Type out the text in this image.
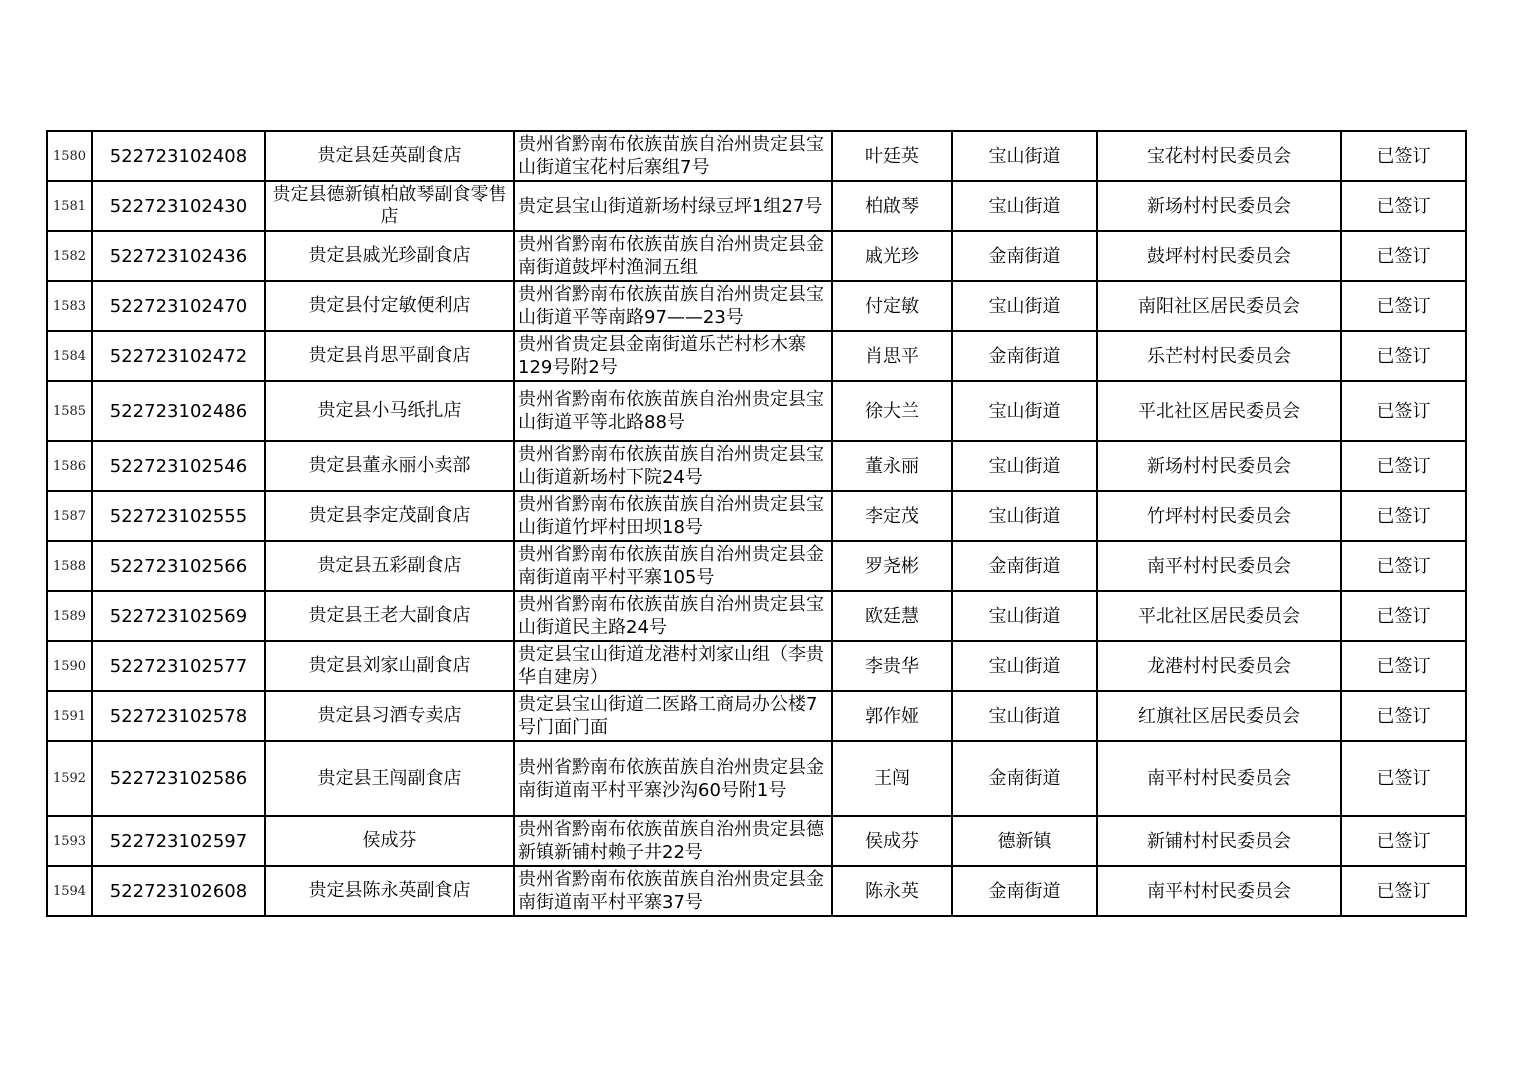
1580	522723102408	贵定县廷英副食店	贵州省黔南布依族苗族自治州贵定县宝山街道宝花村后寨组7号	叶廷英	宝山街道	宝花村村民委员会	已签订
1581	522723102430	贵定县德新镇柏啟琴副食零售店	贵定县宝山街道新场村绿豆坪1组27号	柏啟琴	宝山街道	新场村村民委员会	已签订
1582	522723102436	贵定县戚光珍副食店	贵州省黔南布依族苗族自治州贵定县金南街道鼓坪村渔洞五组	戚光珍	金南街道	鼓坪村村民委员会	已签订
1583	522723102470	贵定县付定敏便利店	贵州省黔南布依族苗族自治州贵定县宝山街道平等南路97——23号	付定敏	宝山街道	南阳社区居民委员会	已签订
1584	522723102472	贵定县肖思平副食店	贵州省贵定县金南街道乐芒村杉木寨129号附2号	肖思平	金南街道	乐芒村村民委员会	已签订
1585	522723102486	贵定县小马纸扎店	贵州省黔南布依族苗族自治州贵定县宝山街道平等北路88号	徐大兰	宝山街道	平北社区居民委员会	已签订
1586	522723102546	贵定县董永丽小卖部	贵州省黔南布依族苗族自治州贵定县宝山街道新场村下院24号	董永丽	宝山街道	新场村村民委员会	已签订
1587	522723102555	贵定县李定茂副食店	贵州省黔南布依族苗族自治州贵定县宝山街道竹坪村田坝18号	李定茂	宝山街道	竹坪村村民委员会	已签订
1588	522723102566	贵定县五彩副食店	贵州省黔南布依族苗族自治州贵定县金南街道南平村平寨105号	罗尧彬	金南街道	南平村村民委员会	已签订
1589	522723102569	贵定县王老大副食店	贵州省黔南布依族苗族自治州贵定县宝山街道民主路24号	欧廷慧	宝山街道	平北社区居民委员会	已签订
1590	522723102577	贵定县刘家山副食店	贵定县宝山街道龙港村刘家山组（李贵华自建房）	李贵华	宝山街道	龙港村村民委员会	已签订
1591	522723102578	贵定县习酒专卖店	贵定县宝山街道二医路工商局办公楼7号门面门面	郭作娅	宝山街道	红旗社区居民委员会	已签订
1592	522723102586	贵定县王闯副食店	贵州省黔南布依族苗族自治州贵定县金南街道南平村平寨沙沟60号附1号	王闯	金南街道	南平村村民委员会	已签订
1593	522723102597	侯成芬	贵州省黔南布依族苗族自治州贵定县德新镇新铺村赖子井22号	侯成芬	德新镇	新铺村村民委员会	已签订
1594	522723102608	贵定县陈永英副食店	贵州省黔南布依族苗族自治州贵定县金南街道南平村平寨37号	陈永英	金南街道	南平村村民委员会	已签订
